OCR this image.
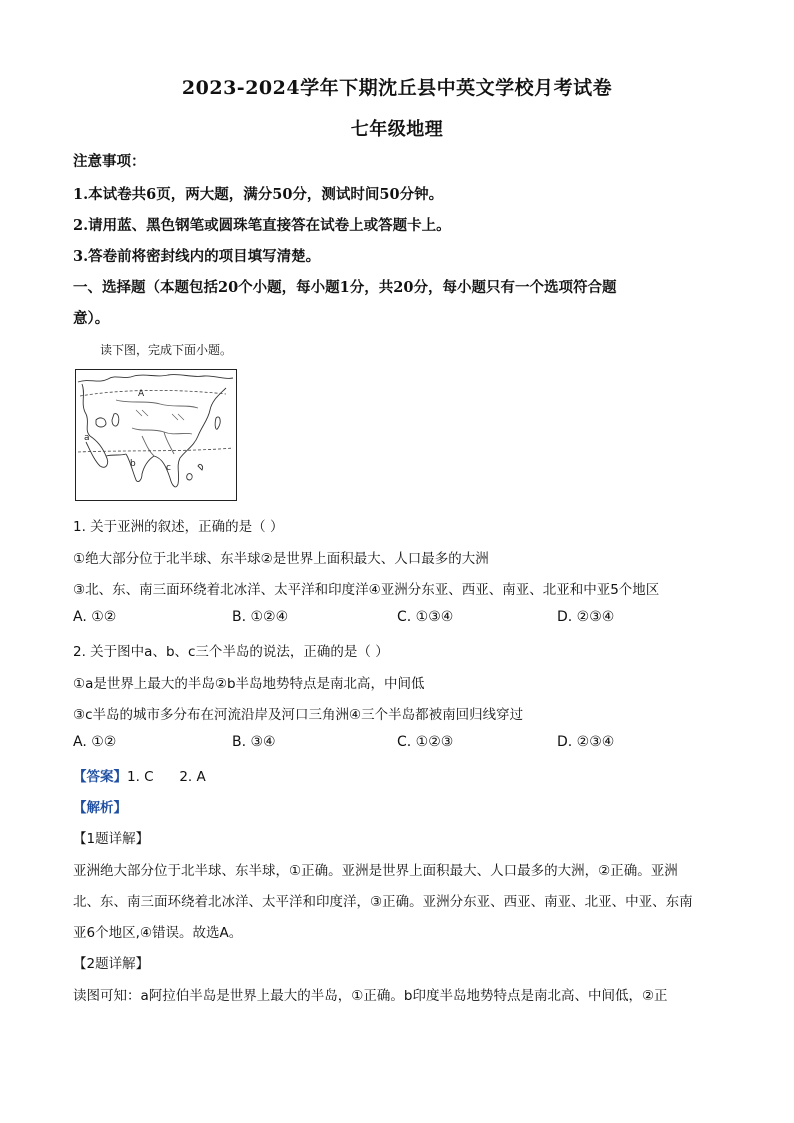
2023-2024学年下期沈丘县中英文学校月考试卷
七年级地理
注意事项：
1.本试卷共6页，两大题，满分50分，测试时间50分钟。
2.请用蓝、黑色钢笔或圆珠笔直接答在试卷上或答题卡上。
3.答卷前将密封线内的项目填写清楚。
一、选择题（本题包括20个小题，每小题1分，共20分，每小题只有一个选项符合题
意）。
读下图，完成下面小题。
A
a
b	c
1. 关于亚洲的叙述，正确的是（ ）
①绝大部分位于北半球、东半球②是世界上面积最大、人口最多的大洲
③北、东、南三面环绕着北冰洋、太平洋和印度洋④亚洲分东亚、西亚、南亚、北亚和中亚5个地区
A. ①②	B. ①②④	C. ①③④	D. ②③④
2. 关于图中a、b、c三个半岛的说法，正确的是（ ）
①a是世界上最大的半岛②b半岛地势特点是南北高，中间低
③c半岛的城市多分布在河流沿岸及河口三角洲④三个半岛都被南回归线穿过
A. ①②	B. ③④	C. ①②③	D. ②③④
【答案】1. C      2. A
【解析】
【1题详解】
亚洲绝大部分位于北半球、东半球，①正确。亚洲是世界上面积最大、人口最多的大洲，②正确。亚洲
北、东、南三面环绕着北冰洋、太平洋和印度洋，③正确。亚洲分东亚、西亚、南亚、北亚、中亚、东南
亚6个地区,④错误。故选A。
【2题详解】
读图可知：a阿拉伯半岛是世界上最大的半岛，①正确。b印度半岛地势特点是南北高、中间低，②正
